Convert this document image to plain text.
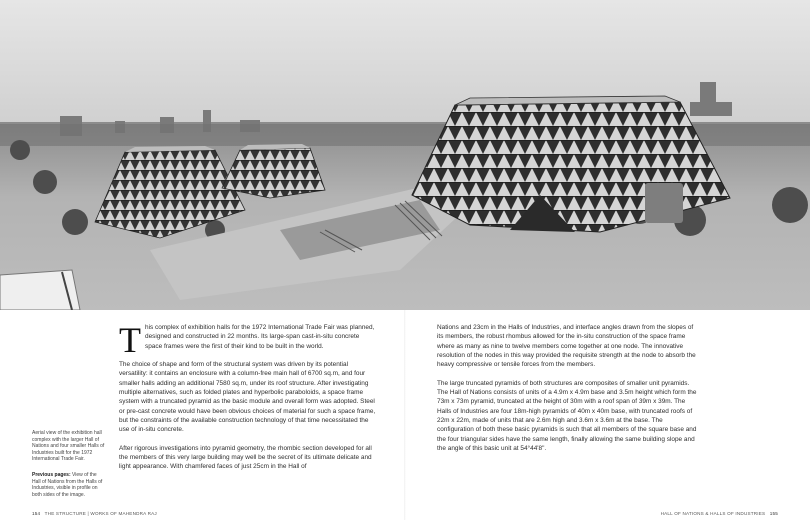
Aerial view of the exhibition hall complex with the larger Hall of Nations and four smaller Halls of Industries built for the 1972 International Trade Fair.
Previous pages: View of the Hall of Nations from the Halls of Industries, visible in profile on both sides of the image.

T his complex of exhibition halls for the 1972 International Trade Fair was planned, designed and constructed in 22 months. Its large-span cast-in-situ concrete space frames were the first of their kind to be built in the world.

The choice of shape and form of the structural system was driven by its potential versatility: it contains an enclosure with a column-free main hall of 6700 sq.m, and four smaller halls adding an additional 7580 sq.m, under its roof structure. After investigating multiple alternatives, such as folded plates and hyperbolic paraboloids, a space frame system with a truncated pyramid as the basic module and overall form was adopted. Steel or pre-cast concrete would have been obvious choices of material for such a space frame, but the constraints of the available construction technology of that time necessitated the use of in-situ concrete.

After rigorous investigations into pyramid geometry, the rhombic section developed for all the members of this very large building may well be the secret of its ultimate delicate and light appearance. With chamfered faces of just 25cm in the Hall of

Nations and 23cm in the Halls of Industries, and interface angles drawn from the slopes of its members, the robust rhombus allowed for the in-situ construction of the space frame where as many as nine to twelve members come together at one node. The innovative resolution of the nodes in this way provided the requisite strength at the node to absorb the heavy compressive or tensile forces from the members.

The large truncated pyramids of both structures are composites of smaller unit pyramids. The Hall of Nations consists of units of a 4.9m x 4.9m base and 3.5m height which form the 73m x 73m pyramid, truncated at the height of 30m with a roof span of 39m x 39m. The Halls of Industries are four 18m-high pyramids of 40m x 40m base, with truncated roofs of 22m x 22m, made of units that are 2.6m high and 3.6m x 3.6m at the base. The configuration of both these basic pyramids is such that all members of the square base and the four triangular sides have the same length, finally allowing the same building slope and the angle of this basic unit at 54°44'8".

154 THE STRUCTURE | WORKS OF MAHENDRA RAJ	HALL OF NATIONS & HALLS OF INDUSTRIES 155
